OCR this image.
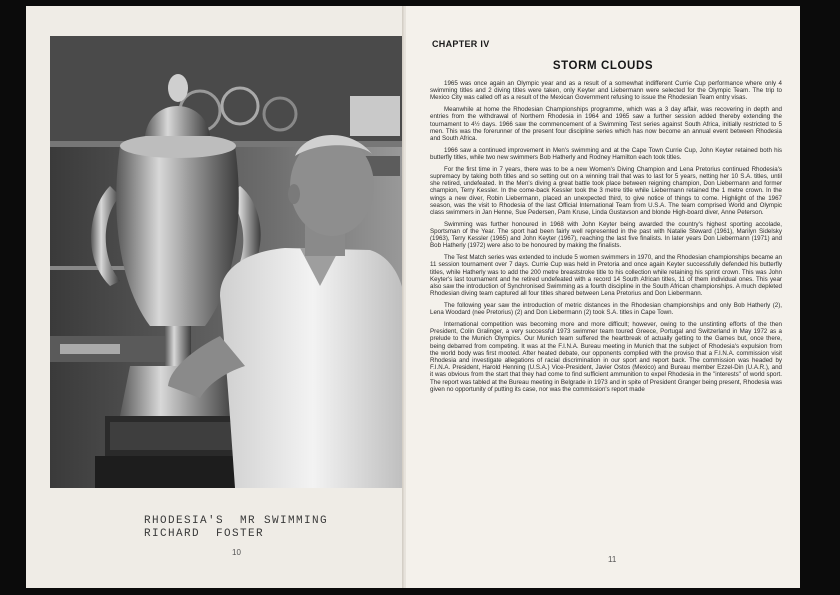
RHODESIA'S  MR SWIMMING
RICHARD  FOSTER
10
CHAPTER IV
STORM CLOUDS

1965 was once again an Olympic year and as a result of a somewhat indifferent Currie Cup performance where only 4 swimming titles and 2 diving titles were taken, only Keyter and Liebermann were selected for the Olympic Team. The trip to Mexico City was called off as a result of the Mexican Government refusing to issue the Rhodesian Team entry visas.

Meanwhile at home the Rhodesian Championships programme, which was a 3 day affair, was recovering in depth and entries from the withdrawal of Northern Rhodesia in 1964 and 1965 saw a further session added thereby extending the tournament to 4½ days. 1966 saw the commencement of a Swimming Test series against South Africa, initially restricted to 5 men. This was the forerunner of the present four discipline series which has now become an annual event between Rhodesia and South Africa.

1966 saw a continued improvement in Men's swimming and at the Cape Town Currie Cup, John Keyter retained both his butterfly titles, while two new swimmers Bob Hatherly and Rodney Hamilton each took titles.

For the first time in 7 years, there was to be a new Women's Diving Champion and Lena Pretorius continued Rhodesia's supremacy by taking both titles and so setting out on a winning trail that was to last for 5 years, netting her 10 S.A. titles, until she retired, undefeated. In the Men's diving a great battle took place between reigning champion, Don Liebermann and former champion, Terry Kessler. In the come-back Kessler took the 3 metre title while Liebermann retained the 1 metre crown. In the wings a new diver, Robin Liebermann, placed an unexpected third, to give notice of things to come. Highlight of the 1967 season, was the visit to Rhodesia of the last Official International Team from U.S.A. The team comprised World and Olympic class swimmers in Jan Henne, Sue Pedersen, Pam Kruse, Linda Gustavson and blonde High-board diver, Anne Peterson.

Swimming was further honoured in 1968 with John Keyter being awarded the country's highest sporting accolade, Sportsman of the Year. The sport had been fairly well represented in the past with Natalie Steward (1961), Marilyn Sidelsky (1963), Terry Kessler (1965) and John Keyter (1967), reaching the last five finalists. In later years Don Liebermann (1971) and Bob Hatherly (1972) were also to be honoured by making the finalists.

The Test Match series was extended to include 5 women swimmers in 1970, and the Rhodesian championships became an 11 session tournament over 7 days. Currie Cup was held in Pretoria and once again Keyter successfully defended his butterfly titles, while Hatherly was to add the 200 metre breaststroke title to his collection while retaining his sprint crown. This was John Keyter's last tournament and he retired undefeated with a record 14 South African titles, 11 of them individual ones. This year also saw the introduction of Synchronised Swimming as a fourth discipline in the South African championships. A much depleted Rhodesian diving team captured all four titles shared between Lena Pretorius and Don Liebermann.

The following year saw the introduction of metric distances in the Rhodesian championships and only Bob Hatherly (2), Lena Woodard (nee Pretorius) (2) and Don Liebermann (2) took S.A. titles in Cape Town.

International competition was becoming more and more difficult; however, owing to the unstinting efforts of the then President, Colin Gralinger, a very successful 1973 swimmer team toured Greece, Portugal and Switzerland in May 1972 as a prelude to the Munich Olympics. Our Munich team suffered the heartbreak of actually getting to the Games but, once there, being debarred from competing. It was at the F.I.N.A. Bureau meeting in Munich that the subject of Rhodesia's expulsion from the world body was first mooted. After heated debate, our opponents complied with the proviso that a F.I.N.A. commission visit Rhodesia and investigate allegations of racial discrimination in our sport and report back. The commission was headed by F.I.N.A. President, Harold Henning (U.S.A.) Vice-President, Javier Ostos (Mexico) and Bureau member Ezzel-Din (U.A.R.), and it was obvious from the start that they had come to find sufficient ammunition to expel Rhodesia in the "interests" of world sport. The report was tabled at the Bureau meeting in Belgrade in 1973 and in spite of President Granger being present, Rhodesia was given no opportunity of putting its case, nor was the commission's report made

11
